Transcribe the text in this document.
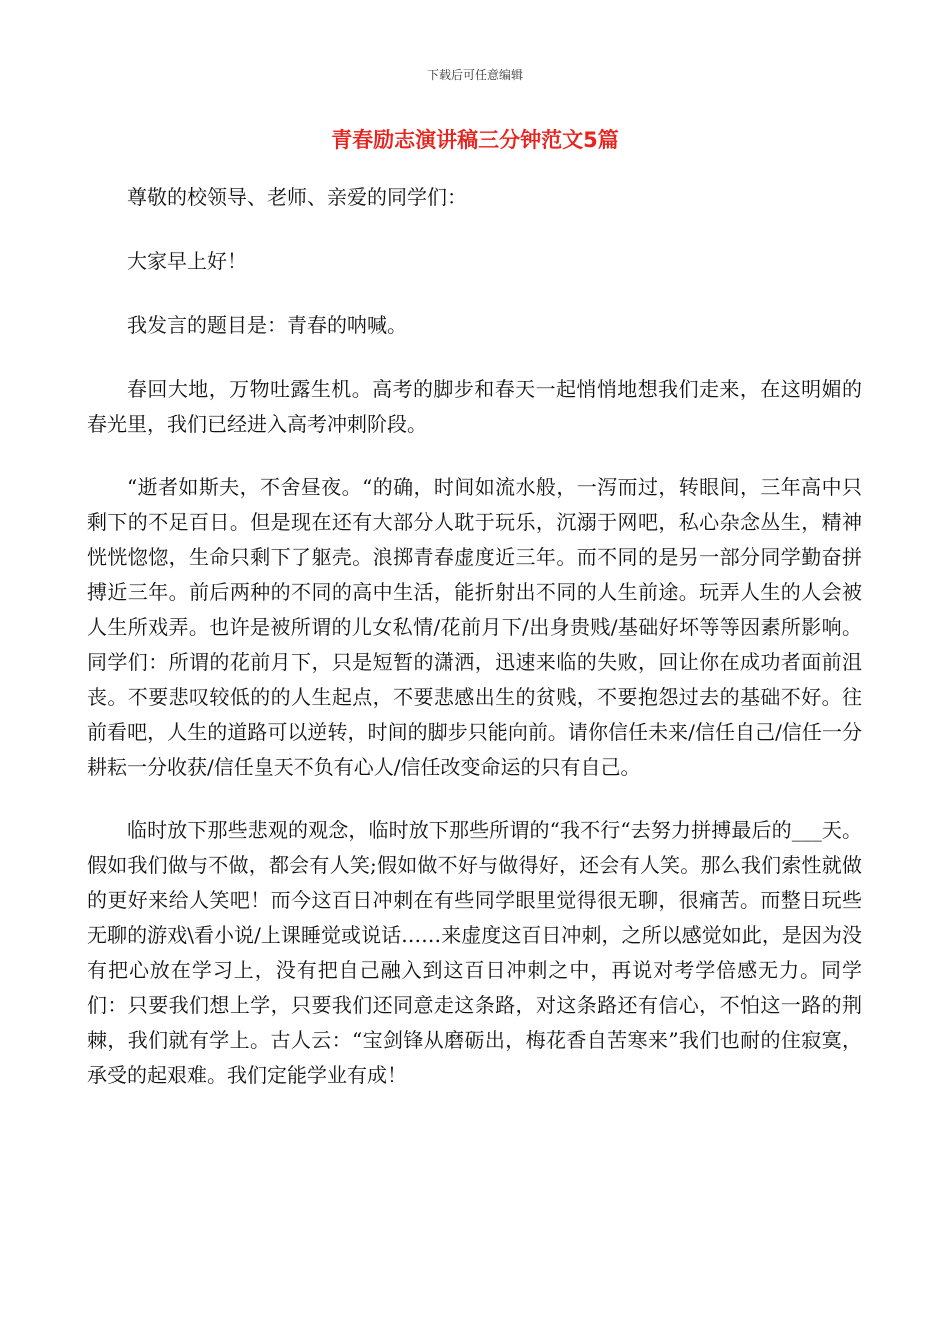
下载后可任意编辑
青春励志演讲稿三分钟范文5篇

尊敬的校领导、老师、亲爱的同学们：

大家早上好！

我发言的题目是：青春的呐喊。

春回大地，万物吐露生机。高考的脚步和春天一起悄悄地想我们走来，在这明媚的春光里，我们已经进入高考冲刺阶段。

“逝者如斯夫，不舍昼夜。“的确，时间如流水般，一泻而过，转眼间，三年高中只剩下的不足百日。但是现在还有大部分人耽于玩乐，沉溺于网吧，私心杂念丛生，精神恍恍惚惚，生命只剩下了躯壳。浪掷青春虚度近三年。而不同的是另一部分同学勤奋拼搏近三年。前后两种的不同的高中生活，能折射出不同的人生前途。玩弄人生的人会被人生所戏弄。也许是被所谓的儿女私情/花前月下/出身贵贱/基础好坏等等因素所影响。同学们：所谓的花前月下，只是短暂的潇洒，迅速来临的失败，回让你在成功者面前沮丧。不要悲叹较低的的人生起点，不要悲感出生的贫贱，不要抱怨过去的基础不好。往前看吧，人生的道路可以逆转，时间的脚步只能向前。请你信任未来/信任自己/信任一分耕耘一分收获/信任皇天不负有心人/信任改变命运的只有自己。

临时放下那些悲观的观念，临时放下那些所谓的“我不行“去努力拼搏最后的___天。假如我们做与不做，都会有人笑;假如做不好与做得好，还会有人笑。那么我们索性就做的更好来给人笑吧！而今这百日冲刺在有些同学眼里觉得很无聊，很痛苦。而整日玩些无聊的游戏\看小说/上课睡觉或说话……来虚度这百日冲刺，之所以感觉如此，是因为没有把心放在学习上，没有把自己融入到这百日冲刺之中，再说对考学倍感无力。同学们：只要我们想上学，只要我们还同意走这条路，对这条路还有信心，不怕这一路的荆棘，我们就有学上。古人云：“宝剑锋从磨砺出，梅花香自苦寒来”我们也耐的住寂寞，承受的起艰难。我们定能学业有成！
